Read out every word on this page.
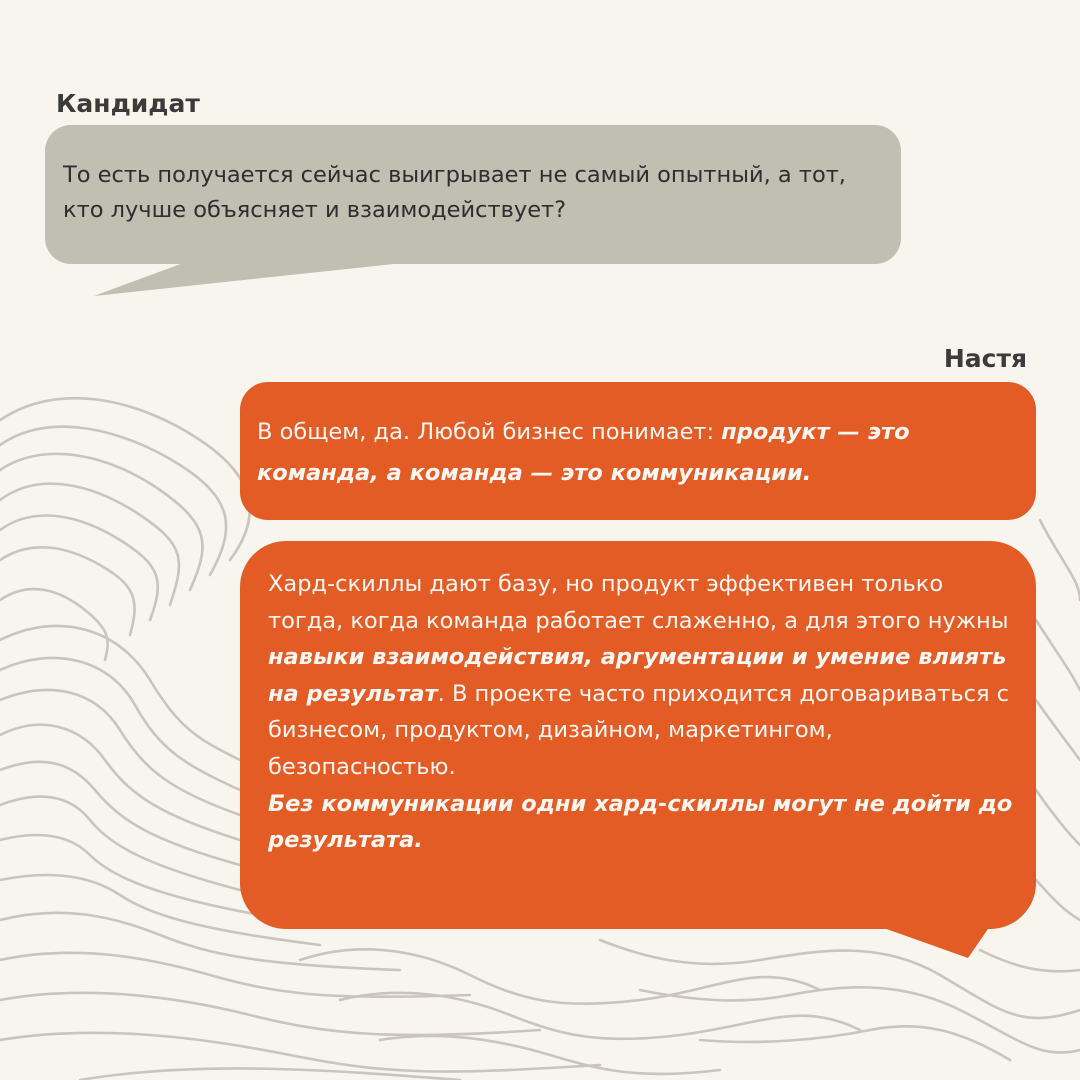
Кандидат

Настя

То есть получается сейчас выигрывает не самый опытный, а тот, кто лучше объясняет и взаимодействует?
В общем, да. Любой бизнес понимает: продукт — это команда, а команда — это коммуникации.
Хард-скиллы дают базу, но продукт эффективен только тогда, когда команда работает слаженно, а для этого нужны навыки взаимодействия, аргументации и умение влиять на результат. В проекте часто приходится договариваться с бизнесом, продуктом, дизайном, маркетингом, безопасностью.
Без коммуникации одни хард-скиллы могут не дойти до результата.
